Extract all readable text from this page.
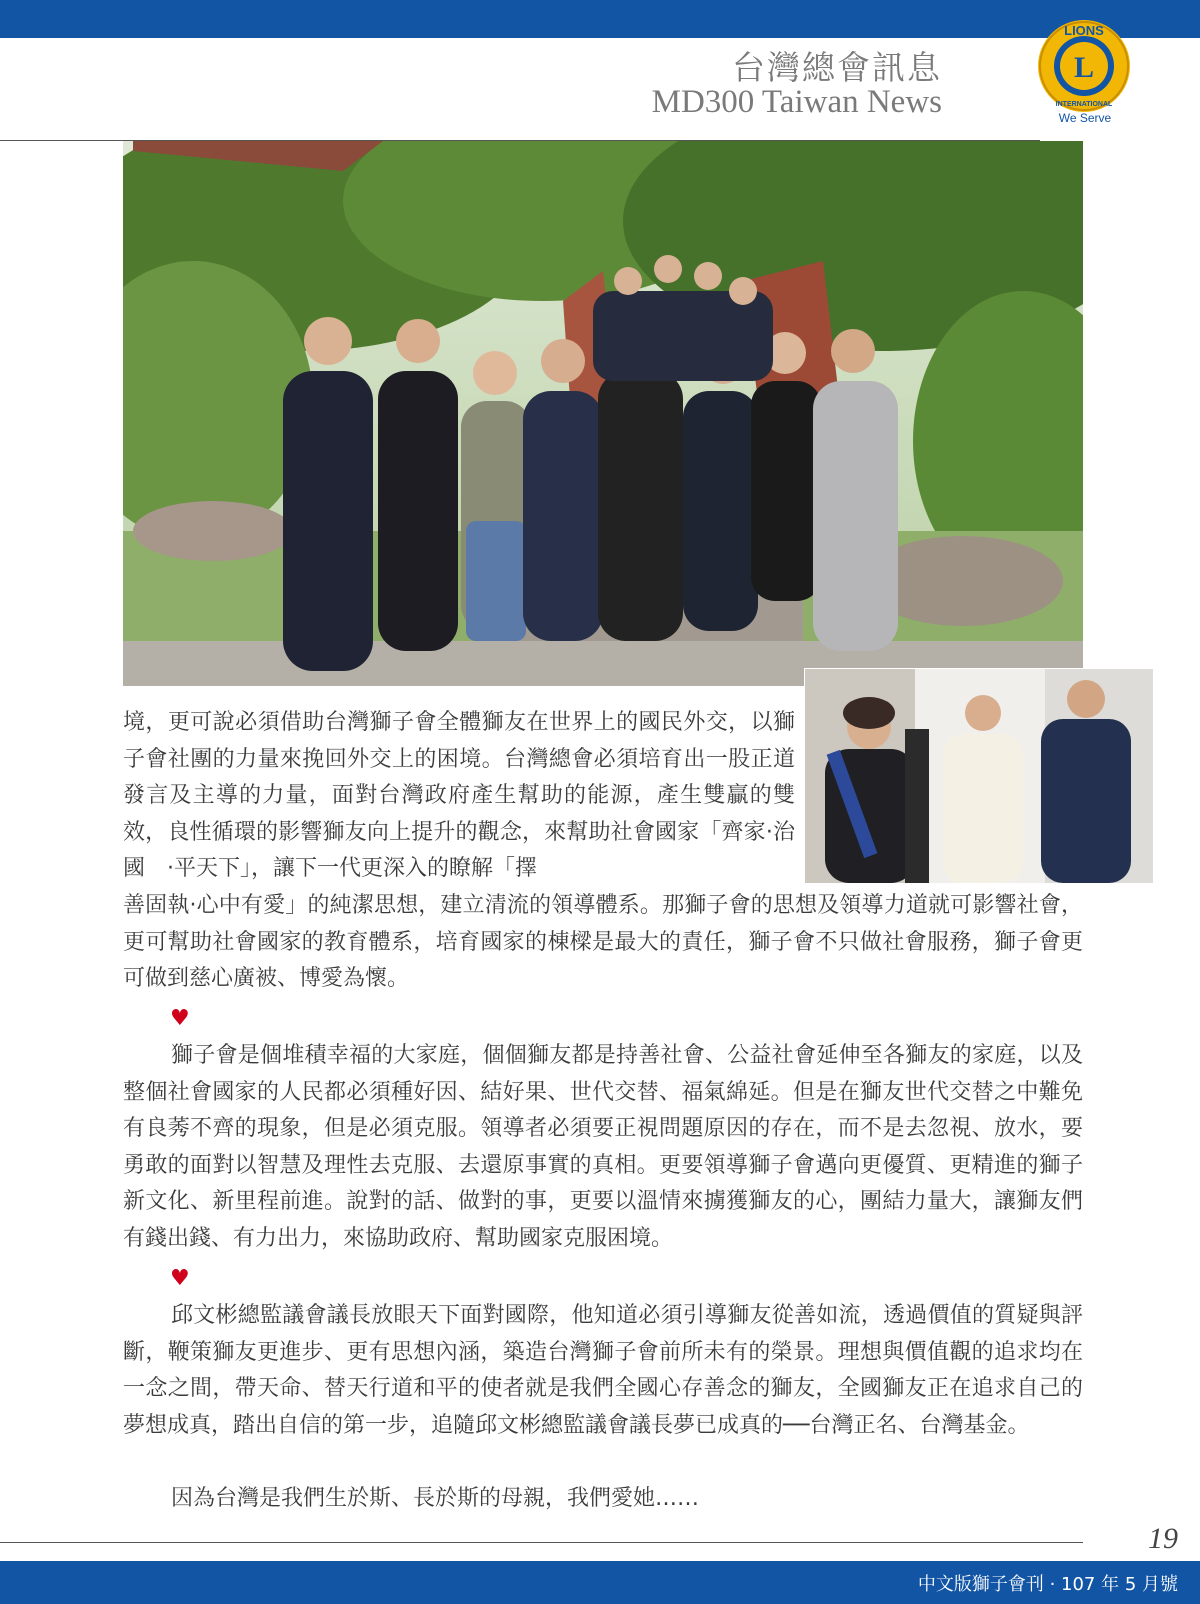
台灣總會訊息
MD300 Taiwan News
L
LIONS
INTERNATIONAL
We Serve

境，更可說必須借助台灣獅子會全體獅友在世界上的國民外交，以獅子會社團的力量來挽回外交上的困境。台灣總會必須培育出一股正道發言及主導的力量，面對台灣政府產生幫助的能源，產生雙贏的雙效，良性循環的影響獅友向上提升的觀念，來幫助社會國家「齊家·治國　·平天下」，讓下一代更深入的瞭解「擇

善固執·心中有愛」的純潔思想，建立清流的領導體系。那獅子會的思想及領導力道就可影響社會，更可幫助社會國家的教育體系，培育國家的棟樑是最大的責任，獅子會不只做社會服務，獅子會更可做到慈心廣被、博愛為懷。

♥

獅子會是個堆積幸福的大家庭，個個獅友都是持善社會、公益社會延伸至各獅友的家庭，以及整個社會國家的人民都必須種好因、結好果、世代交替、福氣綿延。但是在獅友世代交替之中難免有良莠不齊的現象，但是必須克服。領導者必須要正視問題原因的存在，而不是去忽視、放水，要勇敢的面對以智慧及理性去克服、去還原事實的真相。更要領導獅子會邁向更優質、更精進的獅子新文化、新里程前進。說對的話、做對的事，更要以溫情來擄獲獅友的心，團結力量大，讓獅友們有錢出錢、有力出力，來協助政府、幫助國家克服困境。

♥

邱文彬總監議會議長放眼天下面對國際，他知道必須引導獅友從善如流，透過價值的質疑與評斷，鞭策獅友更進步、更有思想內涵，築造台灣獅子會前所未有的榮景。理想與價值觀的追求均在一念之間，帶天命、替天行道和平的使者就是我們全國心存善念的獅友，全國獅友正在追求自己的夢想成真，踏出自信的第一步，追隨邱文彬總監議會議長夢已成真的──台灣正名、台灣基金。

因為台灣是我們生於斯、長於斯的母親，我們愛她……

19
中文版獅子會刊 · 107 年 5 月號
